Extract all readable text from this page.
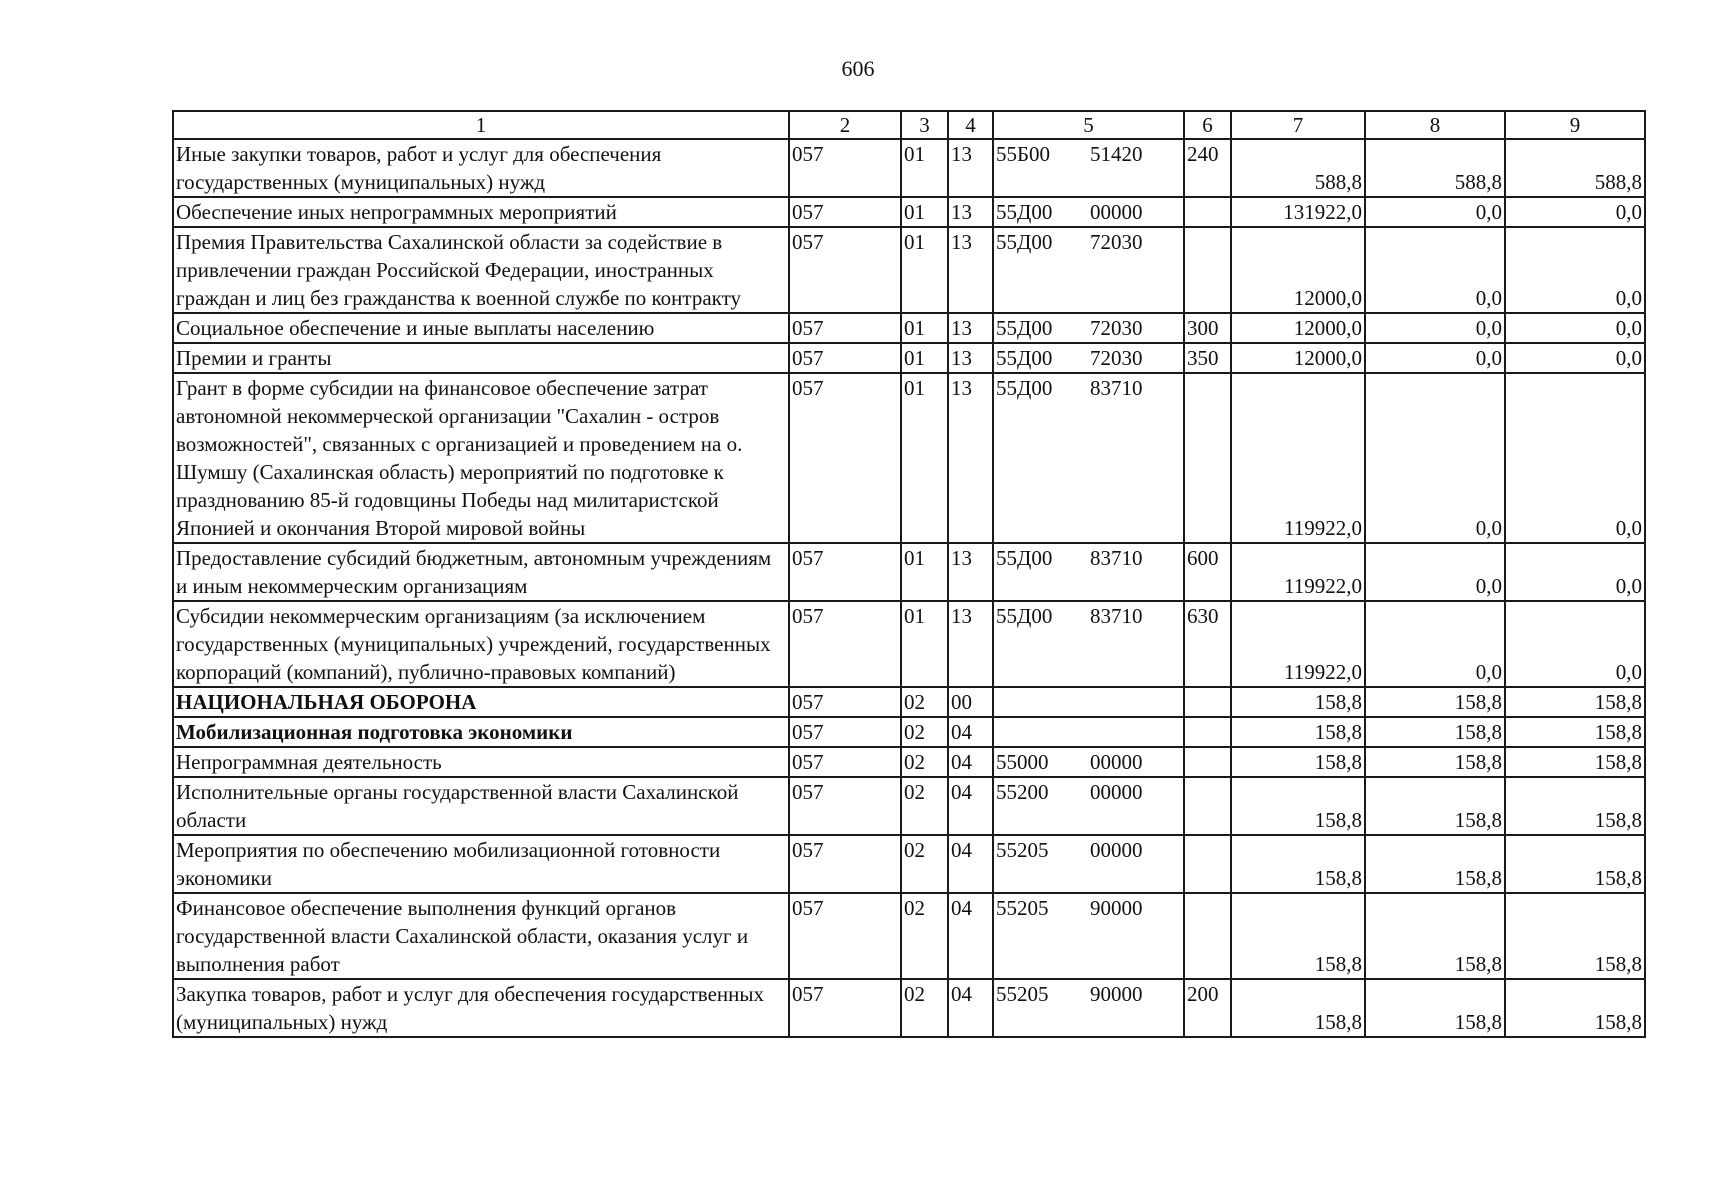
606
1	2	3	4	5		6	7	8	9
Иные закупки товаров, работ и услуг для обеспечения государственных (муниципальных) нужд	057	01	13	55Б00	51420	240	588,8	588,8	588,8
Обеспечение иных непрограммных мероприятий	057	01	13	55Д00	00000		131922,0	0,0	0,0
Премия Правительства Сахалинской области за содействие в привлечении граждан Российской Федерации, иностранных граждан и лиц без гражданства к военной службе по контракту	057	01	13	55Д00	72030		12000,0	0,0	0,0
Социальное обеспечение и иные выплаты населению	057	01	13	55Д00	72030	300	12000,0	0,0	0,0
Премии и гранты	057	01	13	55Д00	72030	350	12000,0	0,0	0,0
Грант в форме субсидии на финансовое обеспечение затрат автономной некоммерческой организации "Сахалин - остров возможностей", связанных с организацией и проведением на о. Шумшу (Сахалинская область) мероприятий по подготовке к празднованию 85-й годовщины Победы над милитаристской Японией и окончания Второй мировой войны	057	01	13	55Д00	83710		119922,0	0,0	0,0
Предоставление субсидий бюджетным, автономным учреждениям и иным некоммерческим организациям	057	01	13	55Д00	83710	600	119922,0	0,0	0,0
Субсидии некоммерческим организациям (за исключением государственных (муниципальных) учреждений, государственных корпораций (компаний), публично-правовых компаний)	057	01	13	55Д00	83710	630	119922,0	0,0	0,0
НАЦИОНАЛЬНАЯ ОБОРОНА	057	02	00				158,8	158,8	158,8
Мобилизационная подготовка экономики	057	02	04				158,8	158,8	158,8
Непрограммная деятельность	057	02	04	55000	00000		158,8	158,8	158,8
Исполнительные органы государственной власти Сахалинской области	057	02	04	55200	00000		158,8	158,8	158,8
Мероприятия по обеспечению мобилизационной готовности экономики	057	02	04	55205	00000		158,8	158,8	158,8
Финансовое обеспечение выполнения функций органов государственной власти Сахалинской области, оказания услуг и выполнения работ	057	02	04	55205	90000		158,8	158,8	158,8
Закупка товаров, работ и услуг для обеспечения государственных (муниципальных) нужд	057	02	04	55205	90000	200	158,8	158,8	158,8
